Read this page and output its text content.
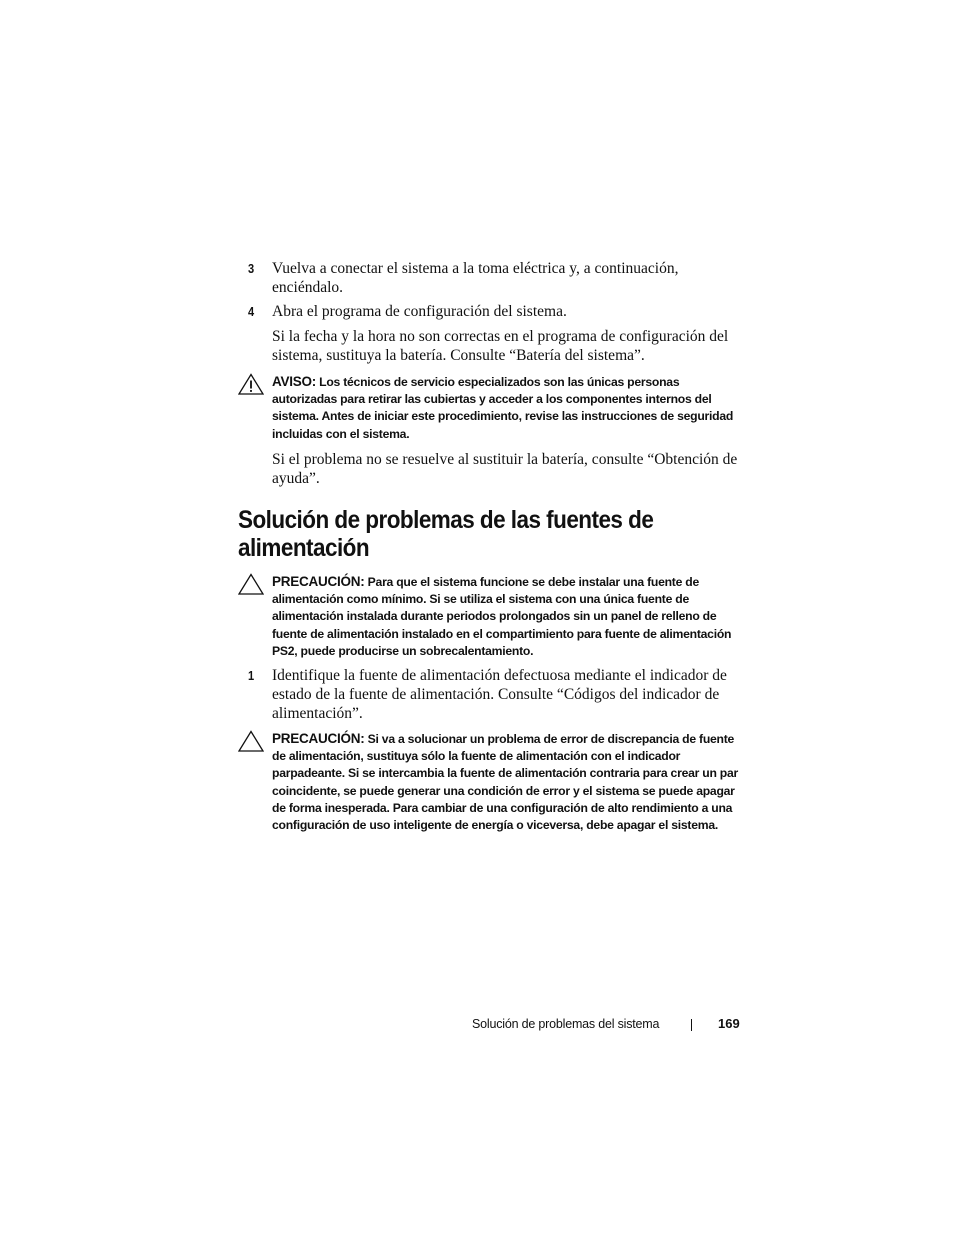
3 Vuelva a conectar el sistema a la toma eléctrica y, a continuación, enciéndalo.
4 Abra el programa de configuración del sistema.
Si la fecha y la hora no son correctas en el programa de configuración del sistema, sustituya la batería. Consulte “Batería del sistema”.
AVISO: Los técnicos de servicio especializados son las únicas personas autorizadas para retirar las cubiertas y acceder a los componentes internos del sistema. Antes de iniciar este procedimiento, revise las instrucciones de seguridad incluidas con el sistema.
Si el problema no se resuelve al sustituir la batería, consulte “Obtención de ayuda”.
Solución de problemas de las fuentes de alimentación
PRECAUCIÓN: Para que el sistema funcione se debe instalar una fuente de alimentación como mínimo. Si se utiliza el sistema con una única fuente de alimentación instalada durante periodos prolongados sin un panel de relleno de fuente de alimentación instalado en el compartimiento para fuente de alimentación PS2, puede producirse un sobrecalentamiento.
1 Identifique la fuente de alimentación defectuosa mediante el indicador de estado de la fuente de alimentación. Consulte “Códigos del indicador de alimentación”.
PRECAUCIÓN: Si va a solucionar un problema de error de discrepancia de fuente de alimentación, sustituya sólo la fuente de alimentación con el indicador parpadeante. Si se intercambia la fuente de alimentación contraria para crear un par coincidente, se puede generar una condición de error y el sistema se puede apagar de forma inesperada. Para cambiar de una configuración de alto rendimiento a una configuración de uso inteligente de energía o viceversa, debe apagar el sistema.
Solución de problemas del sistema	169
